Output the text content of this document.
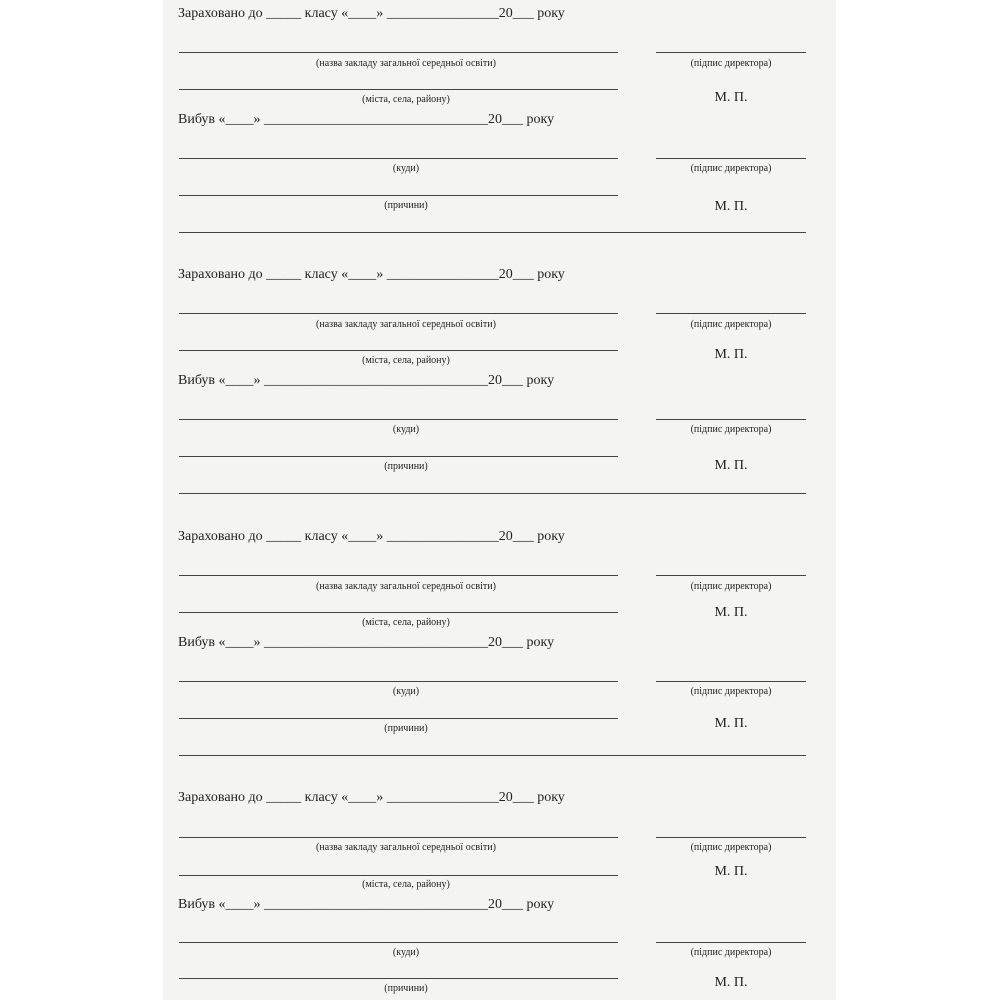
Зараховано до _____ класу «____» ________________20___ року
(назва закладу загальної середньої освіти)	(підпис директора)
(міста, села, району)	М. П.
Вибув «____» ________________________________20___ року
(куди)	(підпис директора)
(причини)	М. П.
Зараховано до _____ класу «____» ________________20___ року
(назва закладу загальної середньої освіти)	(підпис директора)
(міста, села, району)	М. П.
Вибув «____» ________________________________20___ року
(куди)	(підпис директора)
(причини)	М. П.
Зараховано до _____ класу «____» ________________20___ року
(назва закладу загальної середньої освіти)	(підпис директора)
(міста, села, району)
М. П.
Вибув «____» ________________________________20___ року
(куди)	(підпис директора)
(причини)	М. П.
Зараховано до _____ класу «____» ________________20___ року
(назва закладу загальної середньої освіти)	(підпис директора)
(міста, села, району)
М. П.
Вибув «____» ________________________________20___ року
(куди)	(підпис директора)
(причини)	М. П.
